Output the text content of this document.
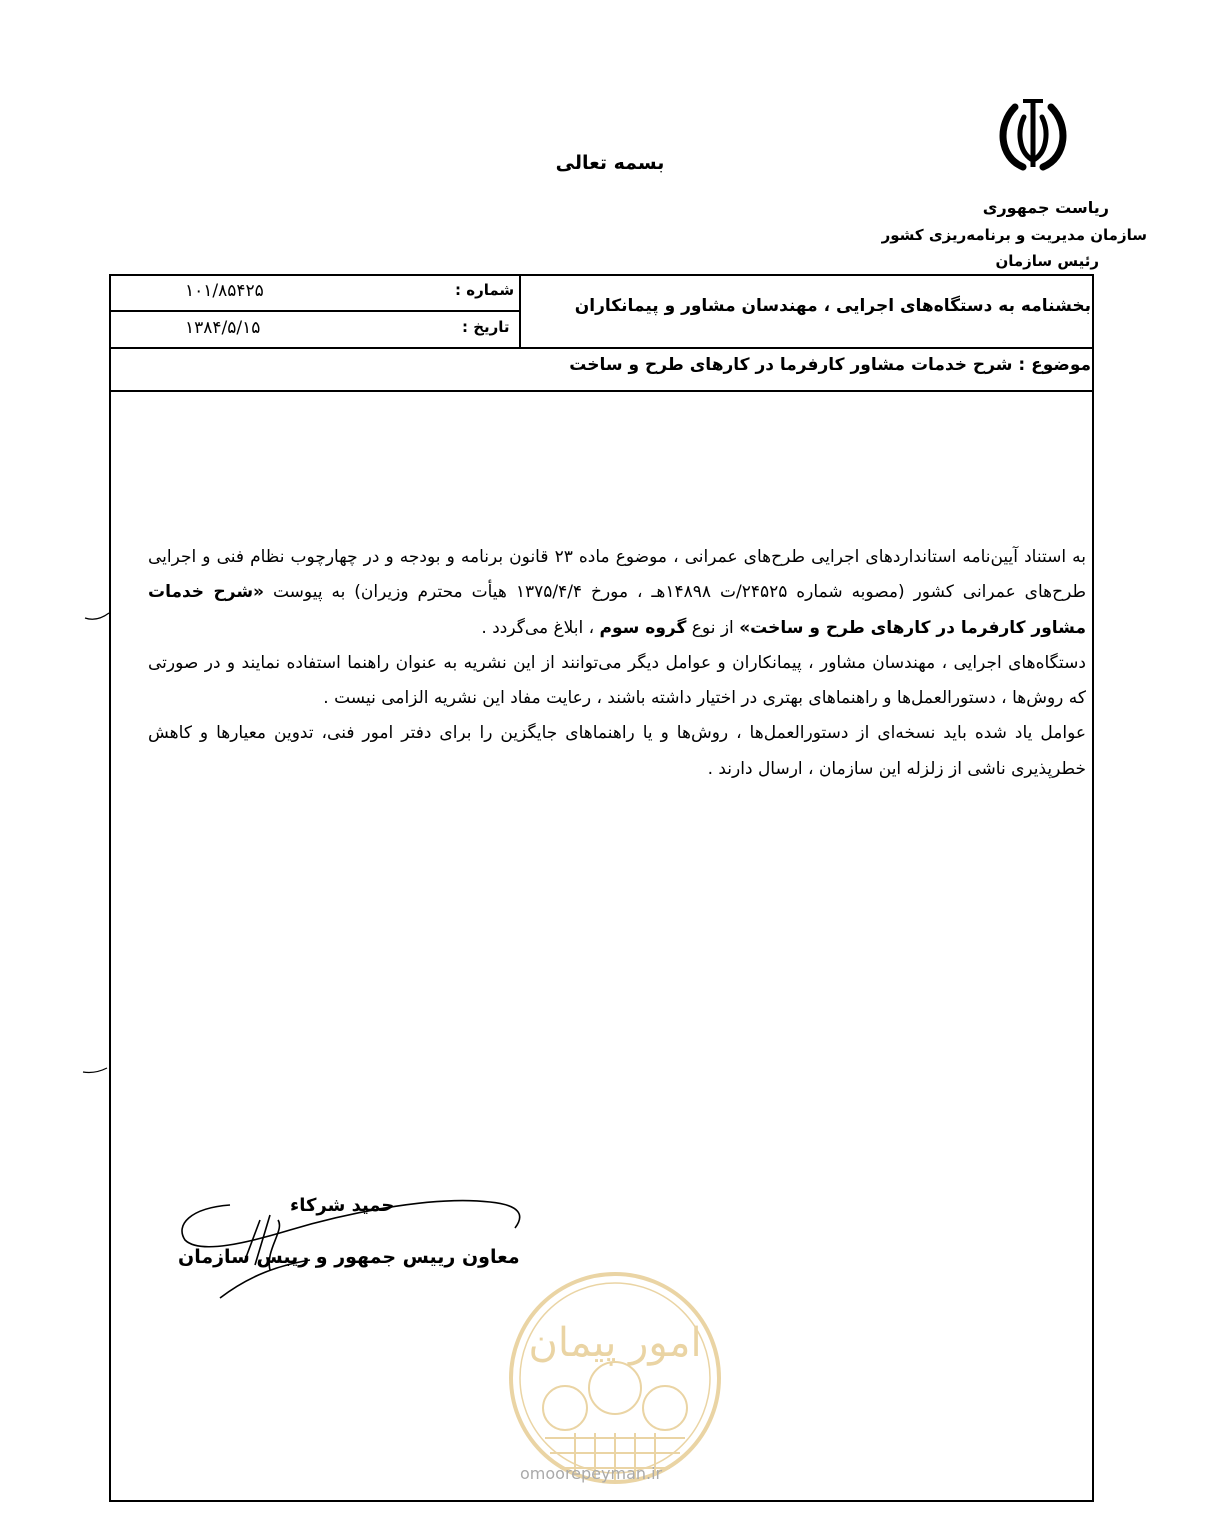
بسمه تعالی
ریاست جمهوری
سازمان مدیریت و برنامه‌ریزی کشور
رئیس سازمان
بخشنامه به دستگاه‌های اجرایی ، مهندسان مشاور و پیمانکاران
شماره :
۱۰۱/۸۵۴۲۵
تاریخ :
۱۳۸۴/۵/۱۵
موضوع : شرح خدمات مشاور کارفرما در کارهای طرح و ساخت

به استناد آیین‌نامه استانداردهای اجرایی طرح‌های عمرانی ، موضوع ماده ۲۳ قانون برنامه و بودجه و در چهارچوب نظام فنی و اجرایی طرح‌های عمرانی کشور (مصوبه شماره ۲۴۵۲۵/ت ۱۴۸۹۸هـ ، مورخ ۱۳۷۵/۴/۴ هیأت محترم وزیران) به پیوست «شرح خدمات مشاور کارفرما در کارهای طرح و ساخت» از نوع گروه سوم ، ابلاغ می‌گردد .

دستگاه‌های اجرایی ، مهندسان مشاور ، پیمانکاران و عوامل دیگر می‌توانند از این نشریه به عنوان راهنما استفاده نمایند و در صورتی که روش‌ها ، دستورالعمل‌ها و راهنماهای بهتری در اختیار داشته باشند ، رعایت مفاد این نشریه الزامی نیست .

عوامل یاد شده باید نسخه‌ای از دستورالعمل‌ها ، روش‌ها و یا راهنماهای جایگزین را برای دفتر امور فنی، تدوین معیارها و کاهش خطرپذیری ناشی از زلزله این سازمان ، ارسال دارند .

امور پیمان
omoorepeyman.ir
حمید شرکاء
معاون رییس جمهور و رییس سازمان
